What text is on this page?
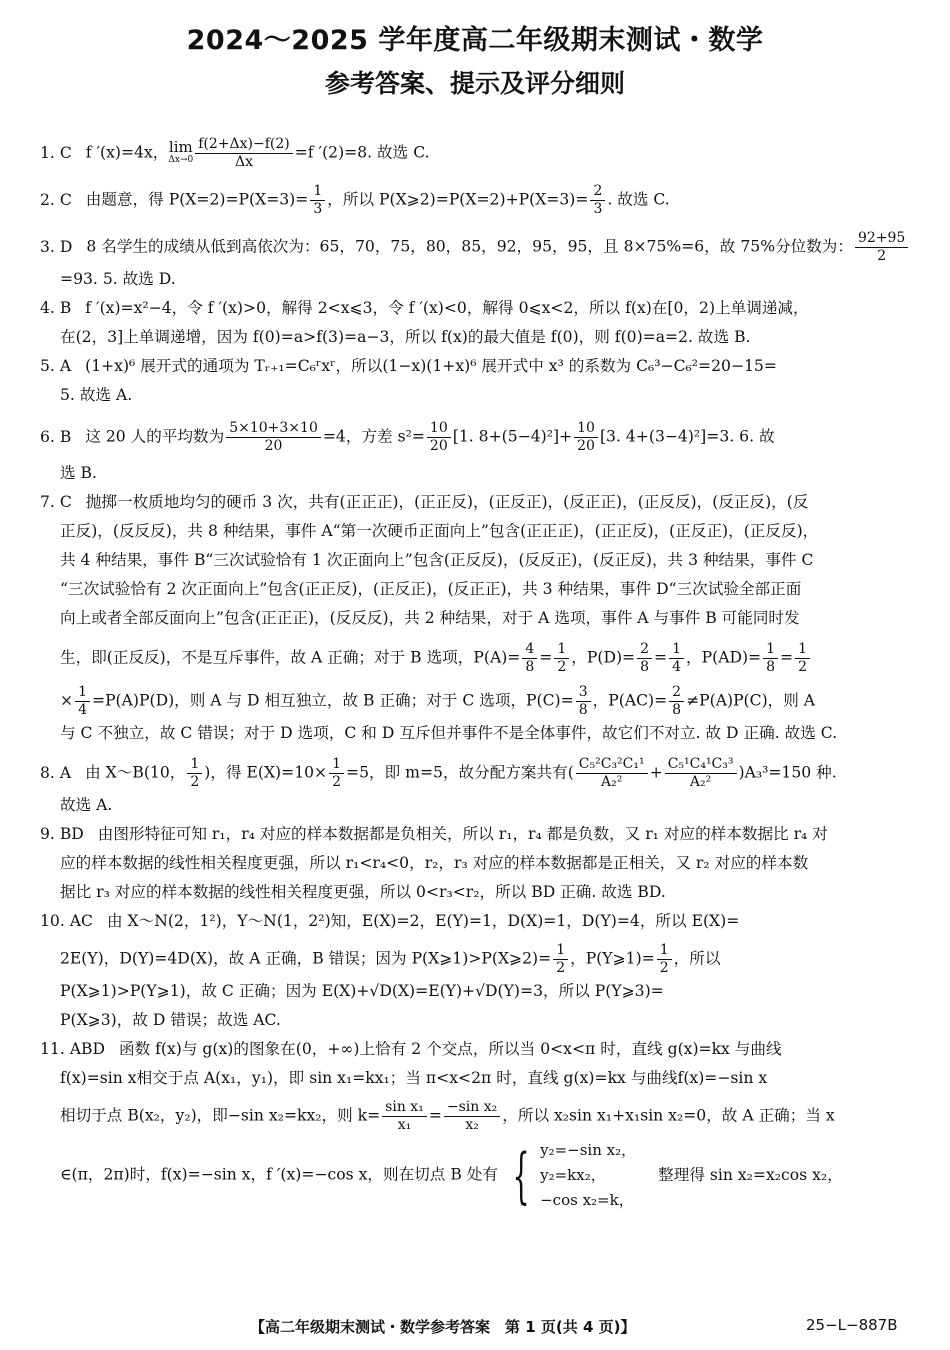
2024～2025 学年度高二年级期末测试・数学
参考答案、提示及评分细则

1. C f ′(x)=4x， lim
$\Delta x\to 0 \frac{f(2+\Delta x)-f(2)}{\Delta x} =f$ ′(2)=8. 故选 C.

2. C 由题意，得 $P(X=2)=P(X=3)= \frac{1}{3}$ ，所以 P(X⩾2)=P(X=2)+P(X=3)= $\frac{2}{3}$ . 故选 C.

3. D 8 名学生的成绩从低到高依次为：65，70，75，80，85，92，95，95，且 8×75%=6，故 75%分位数为： $\frac{92+95}{2}$

=93. 5. 故选 D.

4. B f ′(x)=x²−4，令 f ′(x)>0，解得 2<x⩽3，令 f ′(x)<0，解得 0⩽x<2，所以 f(x)在[0，2)上单调递减，

在(2，3]上单调递增，因为 f(0)=a>f(3)=a−3，所以 f(x)的最大值是 f(0)，则 f(0)=a=2. 故选 B.

5. A (1+x)⁶ 展开式的通项为 Tᵣ₊₁=C₆ʳxʳ，所以(1−x)(1+x)⁶ 展开式中 x³ 的系数为 C₆³−C₆²=20−15=

5. 故选 A.

6. B 这 20 人的平均数为 $\frac{5\times 10+3\times 10}{20} =4$，方差 $s^2= \frac{10}{20} [1$. $8+(5-4)^2]+ \frac{10}{20} [3$. 4+(3−4)²]=3. 6. 故

选 B.

7. C 抛掷一枚质地均匀的硬币 3 次，共有(正正正)，(正正反)，(正反正)，(反正正)，(正反反)，(反正反)，(反

正反)，(反反反)，共 8 种结果，事件 A“第一次硬币正面向上”包含(正正正)，(正正反)，(正反正)，(正反反)，

共 4 种结果，事件 B“三次试验恰有 1 次正面向上”包含(正反反)，(反反正)，(反正反)，共 3 种结果，事件 C

“三次试验恰有 2 次正面向上”包含(正正反)，(正反正)，(反正正)，共 3 种结果，事件 D“三次试验全部正面

向上或者全部反面向上”包含(正正正)，(反反反)，共 2 种结果，对于 A 选项，事件 A 与事件 B 可能同时发

生，即(正反反)，不是互斥事件，故 A 正确；对于 B 选项，$P(A)= \frac{4}{8} = \frac{1}{2}$ ，$P(D)= \frac{2}{8} = \frac{1}{4}$ ，$P(AD)= \frac{1}{8} = \frac{1}{2}$

× $\frac{1}{4} =P(A)P(D)$，则 A 与 D 相互独立，故 B 正确；对于 C 选项，$P(C)= \frac{3}{8}$ ，$P(AC)= \frac{2}{8} \ne P(A)P(C)$，则 A

与 C 不独立，故 C 错误；对于 D 选项，C 和 D 互斥但并事件不是全体事件，故它们不对立. 故 D 正确. 故选 C.

8. A 由 X～B(10， $\frac{1}{2}$ )，得 $E(X)=10\times \frac{1}{2} =5$，即 m=5，故分配方案共有( $\frac{\text{C₅²C₃²C₁¹}}{\text{A₂²}} + \frac{\text{C₅¹C₄¹C₃³}}{\text{A₂²}} )A_3^3=150$ 种.

故选 A.

9. BD 由图形特征可知 r₁，r₄ 对应的样本数据都是负相关，所以 r₁，r₄ 都是负数，又 r₁ 对应的样本数据比 r₄ 对

应的样本数据的线性相关程度更强，所以 r₁<r₄<0，r₂，r₃ 对应的样本数据都是正相关，又 r₂ 对应的样本数

据比 r₃ 对应的样本数据的线性相关程度更强，所以 0<r₃<r₂，所以 BD 正确. 故选 BD.

10. AC 由 X～N(2，1²)，Y～N(1，2²)知，E(X)=2，E(Y)=1，D(X)=1，D(Y)=4，所以 E(X)=

2E(Y)，D(Y)=4D(X)，故 A 正确，B 错误；因为 P(X⩾1)>P(X⩾2)= $\frac{1}{2}$ ，P(Y⩾1)= $\frac{1}{2}$ ，所以

P(X⩾1)>P(Y⩾1)，故 C 正确；因为 E(X)+√D(X)=E(Y)+√D(Y)=3，所以 P(Y⩾3)=

P(X⩾3)，故 D 错误；故选 AC.

11. ABD 函数 f(x)与 g(x)的图象在(0，+∞)上恰有 2 个交点，所以当 0<x<π 时，直线 g(x)=kx 与曲线

f(x)=sin x相交于点 A(x₁，y₁)，即 sin x₁=kx₁；当 π<x<2π 时，直线 g(x)=kx 与曲线f(x)=−sin x

相切于点 B(x₂，y₂)，即−sin x₂=kx₂，则 $k= \frac{\text{sin x₁}}{\text{x₁}} = \frac{\text{−sin x₂}}{\text{x₂}}$ ，所以 x₂sin x₁+x₁sin x₂=0，故 A 正确；当 x

∈(π，2π)时，f(x)=−sin x，f ′(x)=−cos x，则在切点 B 处有 { y₂=−sin x₂，
y₂=kx₂，
−cos x₂=k，
整理得 sin x₂=x₂cos x₂，

【高二年级期末测试・数学参考答案　第 1 页(共 4 页)】	25−L−887B
